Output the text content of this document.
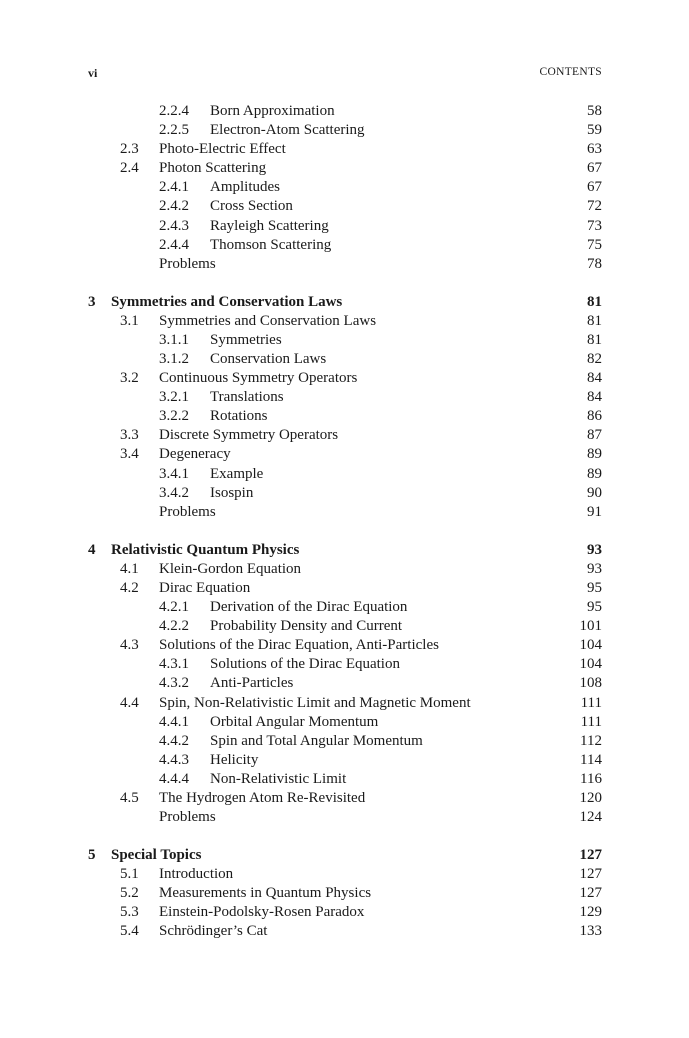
vi	CONTENTS
2.2.4 Born Approximation	58
2.2.5 Electron-Atom Scattering	59
2.3 Photo-Electric Effect	63
2.4 Photon Scattering	67
2.4.1 Amplitudes	67
2.4.2 Cross Section	72
2.4.3 Rayleigh Scattering	73
2.4.4 Thomson Scattering	75
Problems	78
3 Symmetries and Conservation Laws	81
3.1 Symmetries and Conservation Laws	81
3.1.1 Symmetries	81
3.1.2 Conservation Laws	82
3.2 Continuous Symmetry Operators	84
3.2.1 Translations	84
3.2.2 Rotations	86
3.3 Discrete Symmetry Operators	87
3.4 Degeneracy	89
3.4.1 Example	89
3.4.2 Isospin	90
Problems	91
4 Relativistic Quantum Physics	93
4.1 Klein-Gordon Equation	93
4.2 Dirac Equation	95
4.2.1 Derivation of the Dirac Equation	95
4.2.2 Probability Density and Current	101
4.3 Solutions of the Dirac Equation, Anti-Particles	104
4.3.1 Solutions of the Dirac Equation	104
4.3.2 Anti-Particles	108
4.4 Spin, Non-Relativistic Limit and Magnetic Moment	111
4.4.1 Orbital Angular Momentum	111
4.4.2 Spin and Total Angular Momentum	112
4.4.3 Helicity	114
4.4.4 Non-Relativistic Limit	116
4.5 The Hydrogen Atom Re-Revisited	120
Problems	124
5 Special Topics	127
5.1 Introduction	127
5.2 Measurements in Quantum Physics	127
5.3 Einstein-Podolsky-Rosen Paradox	129
5.4 Schrödinger’s Cat	133
